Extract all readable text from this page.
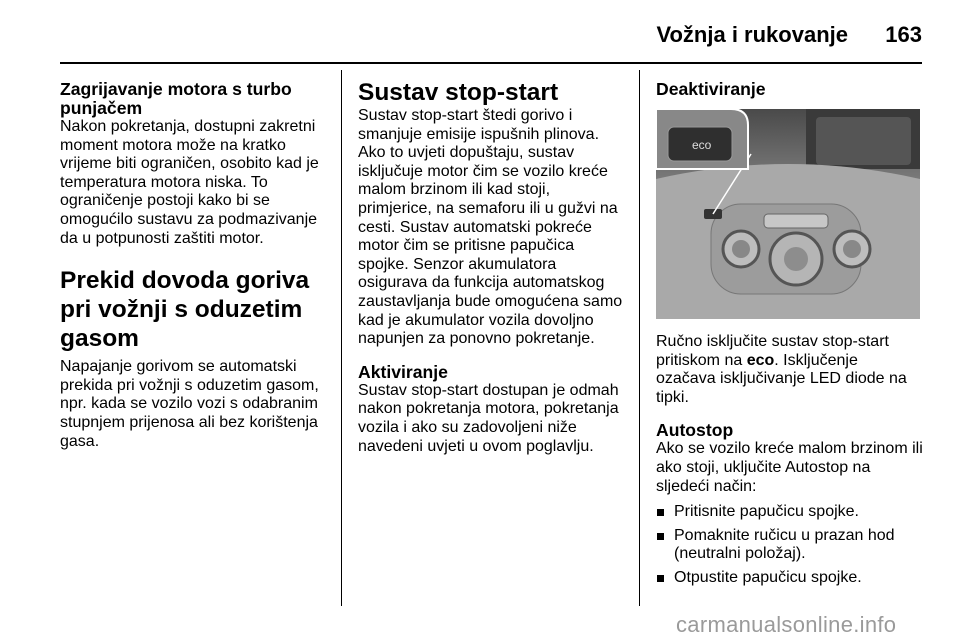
Vožnja i rukovanje	163
Zagrijavanje motora s turbo punjačem
Nakon pokretanja, dostupni zakretni
moment motora može na kratko
vrijeme biti ograničen, osobito kad je
temperatura motora niska. To
ograničenje postoji kako bi se
omogućilo sustavu za podmazivanje
da u potpunosti zaštiti motor.
Prekid dovoda goriva pri vožnji s oduzetim gasom
Napajanje gorivom se automatski
prekida pri vožnji s oduzetim gasom,
npr. kada se vozilo vozi s odabranim
stupnjem prijenosa ali bez korištenja
gasa.
Sustav stop-start
Sustav stop-start štedi gorivo i
smanjuje emisije ispušnih plinova.
Ako to uvjeti dopuštaju, sustav
isključuje motor čim se vozilo kreće
malom brzinom ili kad stoji,
primjerice, na semaforu ili u gužvi na
cesti. Sustav automatski pokreće
motor čim se pritisne papučica
spojke. Senzor akumulatora
osigurava da funkcija automatskog
zaustavljanja bude omogućena samo
kad je akumulator vozila dovoljno
napunjen za ponovno pokretanje.
Aktiviranje
Sustav stop-start dostupan je odmah
nakon pokretanja motora, pokretanja
vozila i ako su zadovoljeni niže
navedeni uvjeti u ovom poglavlju.
Deaktiviranje
eco
Ručno isključite sustav stop-start
pritiskom na eco. Isključenje
ozačava isključivanje LED diode na
tipki.
Autostop
Ako se vozilo kreće malom brzinom ili
ako stoji, uključite Autostop na
sljedeći način:
Pritisnite papučicu spojke.
Pomaknite ručicu u prazan hod
(neutralni položaj).
Otpustite papučicu spojke.
carmanualsonline.info
